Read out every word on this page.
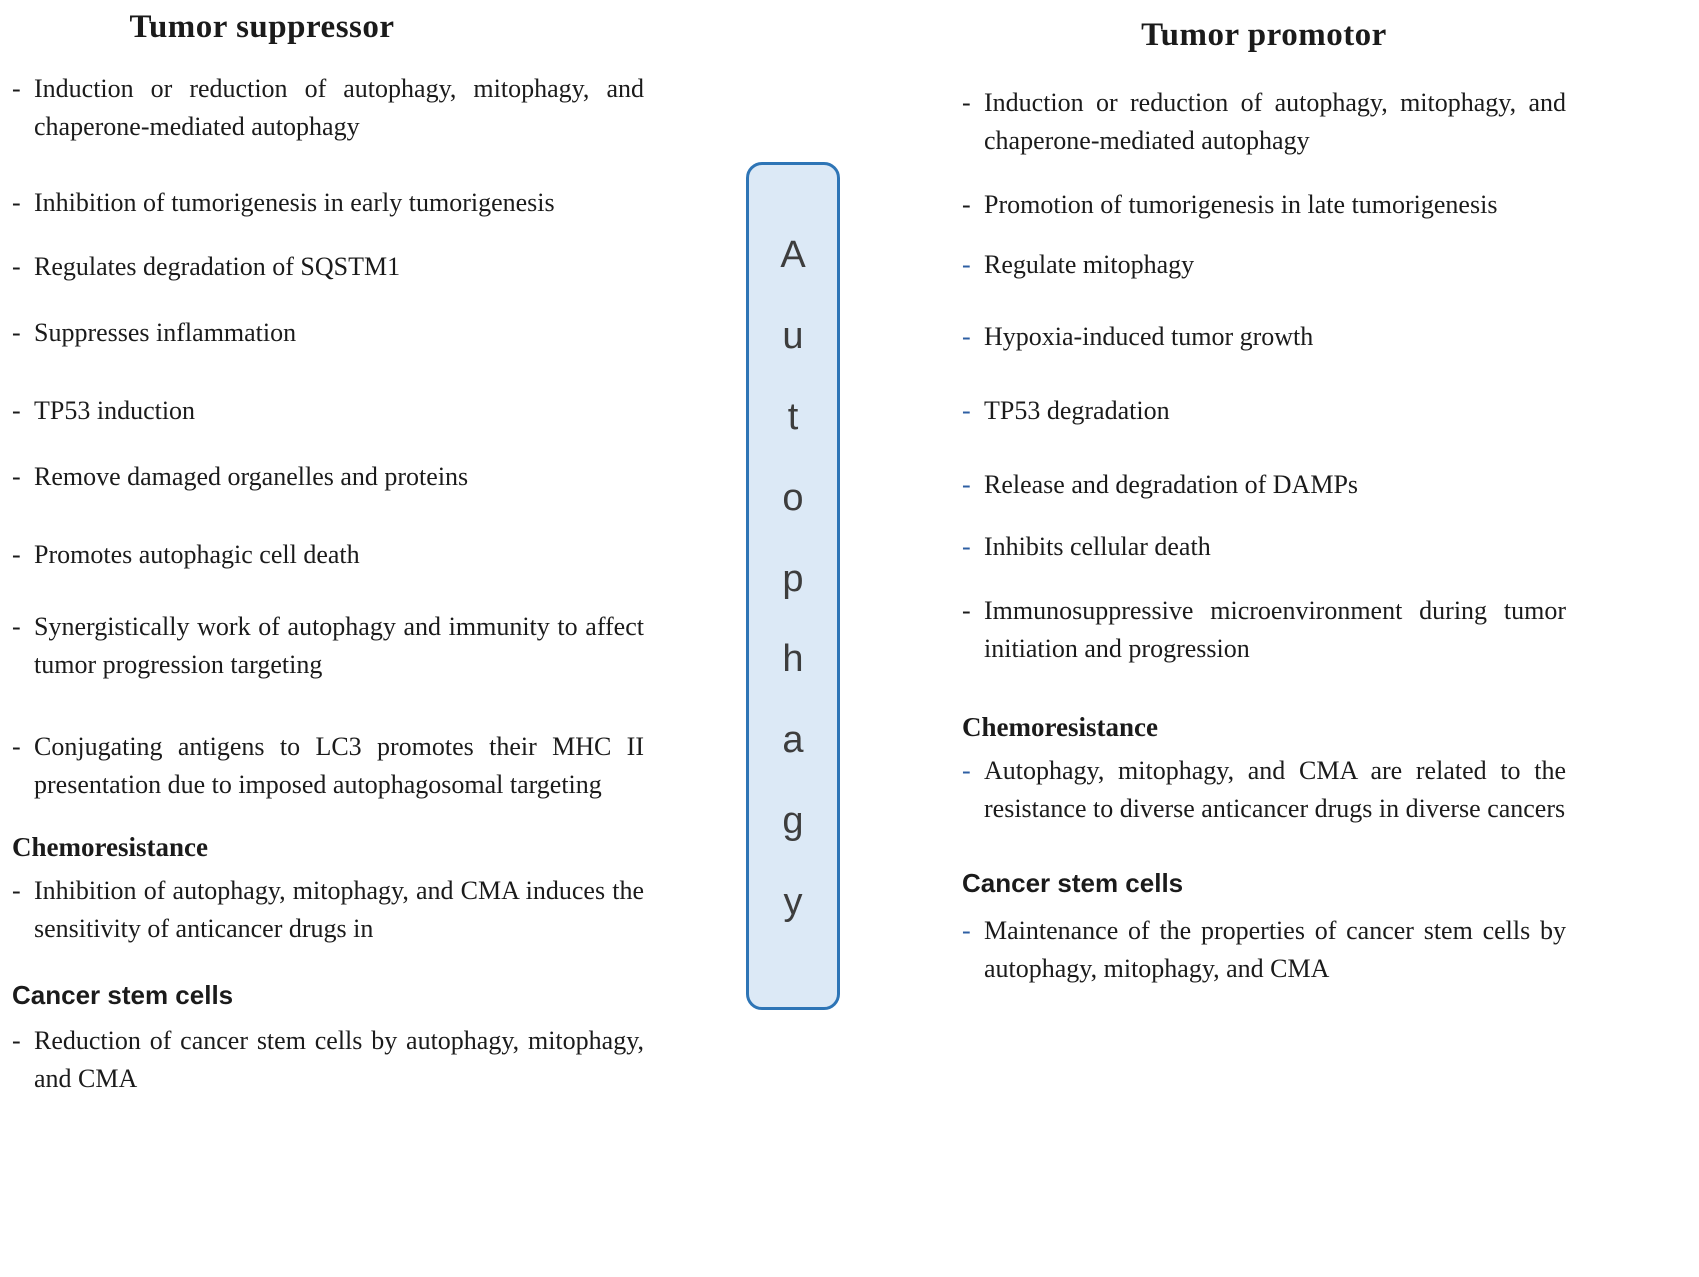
Tumor suppressor
- Induction or reduction of autophagy, mitophagy, and chaperone-mediated autophagy
- Inhibition of tumorigenesis in early tumorigenesis
- Regulates degradation of SQSTM1
- Suppresses inflammation
- TP53 induction
- Remove damaged organelles and proteins
- Promotes autophagic cell death
- Synergistically work of autophagy and immunity to affect tumor progression targeting
- Conjugating antigens to LC3 promotes their MHC II presentation due to imposed autophagosomal targeting
Chemoresistance
- Inhibition of autophagy, mitophagy, and CMA induces the sensitivity of anticancer drugs in
Cancer stem cells
- Reduction of cancer stem cells by autophagy, mitophagy, and CMA
A
u
t
o
p
h
a
g
y
Tumor promotor
- Induction or reduction of autophagy, mitophagy, and chaperone-mediated autophagy
- Promotion of tumorigenesis in late tumorigenesis
- Regulate mitophagy
- Hypoxia-induced tumor growth
- TP53 degradation
- Release and degradation of DAMPs
- Inhibits cellular death
- Immunosuppressive microenvironment during tumor initiation and progression
Chemoresistance
- Autophagy, mitophagy, and CMA are related to the resistance to diverse anticancer drugs in diverse cancers
Cancer stem cells
- Maintenance of the properties of cancer stem cells by autophagy, mitophagy, and CMA
